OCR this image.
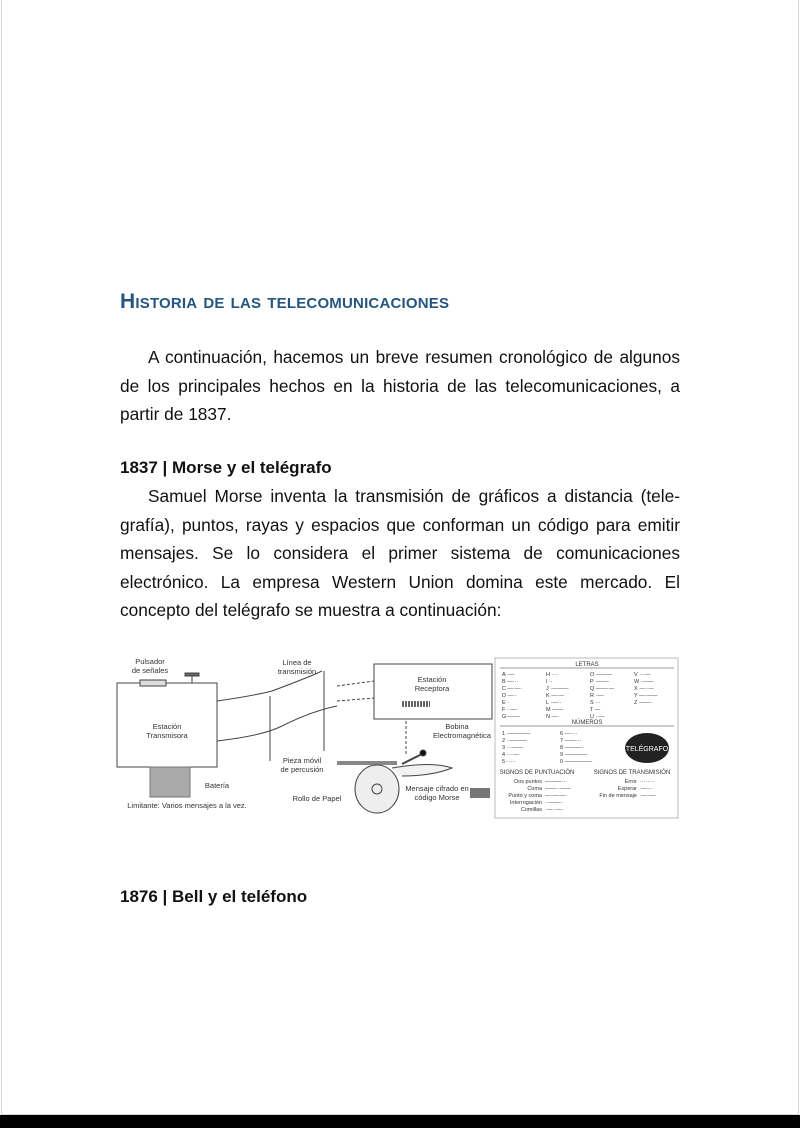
Historia de las telecomunicaciones
A continuación, hacemos un breve resumen cronológico de algunos de los principales hechos en la historia de las telecomunicaciones, a partir de 1837.
1837 | Morse y el telégrafo
Samuel Morse inventa la transmisión de gráficos a distancia (tele-grafía), puntos, rayas y espacios que conforman un código para emitir mensajes. Se lo considera el primer sistema de comunicaciones electrónico. La empresa Western Union domina este mercado. El concepto del telégrafo se muestra a continuación:
Pulsador
de señales
Línea de
transmisión
Estación
Receptora
Estación
Transmisora
Bobina
Electromagnética
Pieza móvil
de percusión
Batería
Rollo de Papel
Mensaje cifrado en
código Morse
Limitante: Varios mensajes a la vez.
LETRAS
NÚMEROS
SIGNOS DE PUNTUACIÓN	SIGNOS DE TRANSMISIÓN
TELÉGRAFO
A ·—
B —···
C —·—·
D —··
E ·
F ··—·
G ——·
H ····
I ··
J ·———
K —·—
L ·—··
M ——
N —·
O ———
P ·——·
Q ——·—
R ·—·
S ···
T —
U ··—
V ···—
W ·——
X —··—
Y —·——
Z ——··
1 ·————
2 ··———
3 ···——
4 ····—
5 ·····
6 —····
7 ——···
8 ———··
9 ————·
0 —————
Dos puntos ———···
Coma ——··——
Punto y coma —·—·—·
Interrogación ··——··
Comillas ·—··—·
Error ········
Esperar ·—···
Fin de mensaje ·—·—·
1876 | Bell y el teléfono
